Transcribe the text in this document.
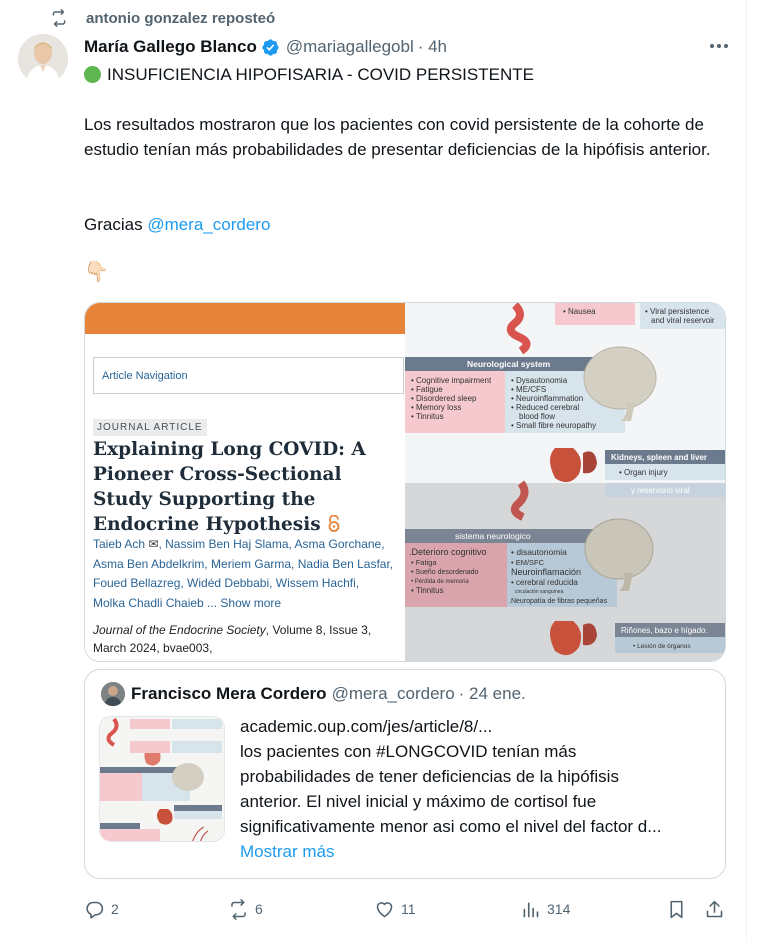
antonio gonzalez reposteó
María Gallego Blanco @mariagallegobl · 4h
INSUFICIENCIA HIPOFISARIA - COVID PERSISTENTE
Los resultados mostraron que los pacientes con covid persistente de la cohorte de estudio tenían más probabilidades de presentar deficiencias de la hipófisis anterior.
Gracias @mera_cordero
👇🏻
Article Navigation
JOURNAL ARTICLE
Explaining Long COVID: A Pioneer Cross-Sectional Study Supporting the Endocrine Hypothesis
Taieb Ach ✉, Nassim Ben Haj Slama, Asma Gorchane,
Asma Ben Abdelkrim, Meriem Garma, Nadia Ben Lasfar,
Foued Bellazreg, Widéd Debbabi, Wissem Hachfi,
Molka Chadli Chaieb ... Show more
Journal of the Endocrine Society, Volume 8, Issue 3,
March 2024, bvae003,
• Nausea	• Viral persistence
and viral reservoir
Neurological system
• Cognitive impairment
• Fatigue
• Disordered sleep
• Memory loss
• Tinnitus
• Dysautonomia
• ME/CFS
• Neuroinflammation
• Reduced cerebral
blood flow
• Small fibre neuropathy
Kidneys, spleen and liver
• Organ injury
y reservorio viral
sistema neurologico
.Deterioro cognitivo
• Fatiga
• Sueño desordenado
• Pérdida de memoria
• Tinnitus
• disautonomia
• EM/SFC
Neuroinflamación
• cerebral reducida
circulación sanguínea
.Neuropatía de fibras pequeñas
Riñones, bazo e hígado.
• Lesión de órganos
Francisco Mera Cordero @mera_cordero · 24 ene.
academic.oup.com/jes/article/8/...
los pacientes con #LONGCOVID tenían más
probabilidades de tener deficiencias de la hipófisis
anterior. El nivel inicial y máximo de cortisol fue
significativamente menor asi como el nivel del factor d...
Mostrar más
2	6	11	314
